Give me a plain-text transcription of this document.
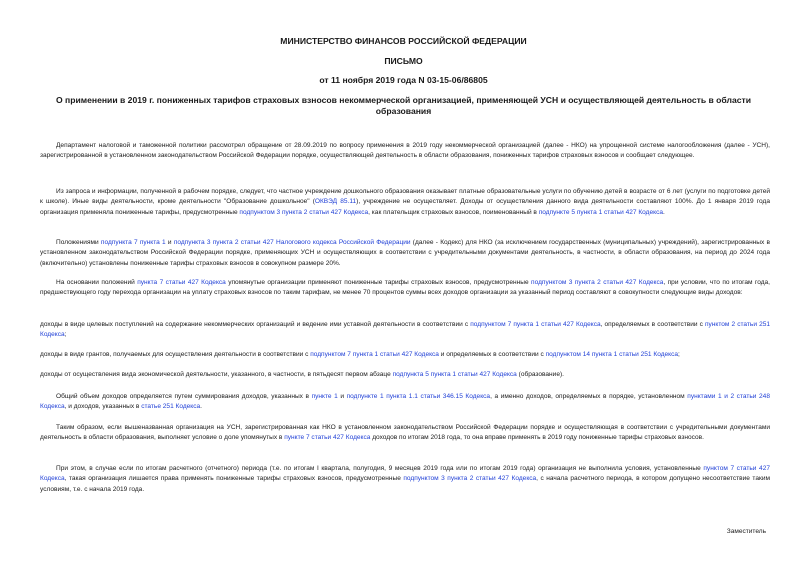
МИНИСТЕРСТВО ФИНАНСОВ РОССИЙСКОЙ ФЕДЕРАЦИИ
ПИСЬМО
от 11 ноября 2019 года N 03-15-06/86805
О применении в 2019 г. пониженных тарифов страховых взносов некоммерческой организацией, применяющей УСН и осуществляющей деятельность в области образования

Департамент налоговой и таможенной политики рассмотрел обращение от 28.09.2019 по вопросу применения в 2019 году некоммерческой организацией (далее - НКО) на упрощенной системе налогообложения (далее - УСН), зарегистрированной в установленном законодательством Российской Федерации порядке, осуществляющей деятельность в области образования, пониженных тарифов страховых взносов и сообщает следующее.

Из запроса и информации, полученной в рабочем порядке, следует, что частное учреждение дошкольного образования оказывает платные образовательные услуги по обучению детей в возрасте от 6 лет (услуги по подготовке детей к школе). Иные виды деятельности, кроме деятельности "Образование дошкольное" (ОКВЭД 85.11), учреждение не осуществляет. Доходы от осуществления данного вида деятельности составляют 100%. До 1 января 2019 года организация применяла пониженные тарифы, предусмотренные подпунктом 3 пункта 2 статьи 427 Кодекса, как плательщик страховых взносов, поименованный в подпункте 5 пункта 1 статьи 427 Кодекса.

Положениями подпункта 7 пункта 1 и подпункта 3 пункта 2 статьи 427 Налогового кодекса Российской Федерации (далее - Кодекс) для НКО (за исключением государственных (муниципальных) учреждений), зарегистрированных в установленном законодательством Российской Федерации порядке, применяющих УСН и осуществляющих в соответствии с учредительными документами деятельность, в частности, в области образования, на период до 2024 года (включительно) установлены пониженные тарифы страховых взносов в совокупном размере 20%.

На основании положений пункта 7 статьи 427 Кодекса упомянутые организации применяют пониженные тарифы страховых взносов, предусмотренные подпунктом 3 пункта 2 статьи 427 Кодекса, при условии, что по итогам года, предшествующего году перехода организации на уплату страховых взносов по таким тарифам, не менее 70 процентов суммы всех доходов организации за указанный период составляют в совокупности следующие виды доходов:

доходы в виде целевых поступлений на содержание некоммерческих организаций и ведение ими уставной деятельности в соответствии с подпунктом 7 пункта 1 статьи 427 Кодекса, определяемых в соответствии с пунктом 2 статьи 251 Кодекса;

доходы в виде грантов, получаемых для осуществления деятельности в соответствии с подпунктом 7 пункта 1 статьи 427 Кодекса и определяемых в соответствии с подпунктом 14 пункта 1 статьи 251 Кодекса;

доходы от осуществления вида экономической деятельности, указанного, в частности, в пятьдесят первом абзаце подпункта 5 пункта 1 статьи 427 Кодекса (образование).

Общий объем доходов определяется путем суммирования доходов, указанных в пункте 1 и подпункте 1 пункта 1.1 статьи 346.15 Кодекса, а именно доходов, определяемых в порядке, установленном пунктами 1 и 2 статьи 248 Кодекса, и доходов, указанных в статье 251 Кодекса.

Таким образом, если вышеназванная организация на УСН, зарегистрированная как НКО в установленном законодательством Российской Федерации порядке и осуществляющая в соответствии с учредительными документами деятельность в области образования, выполняет условие о доле упомянутых в пункте 7 статьи 427 Кодекса доходов по итогам 2018 года, то она вправе применять в 2019 году пониженные тарифы страховых взносов.

При этом, в случае если по итогам расчетного (отчетного) периода (т.е. по итогам I квартала, полугодия, 9 месяцев 2019 года или по итогам 2019 года) организация не выполнила условия, установленные пунктом 7 статьи 427 Кодекса, такая организация лишается права применять пониженные тарифы страховых взносов, предусмотренные подпунктом 3 пункта 2 статьи 427 Кодекса, с начала расчетного периода, в котором допущено несоответствие таким условиям, т.е. с начала 2019 года.

Заместитель
